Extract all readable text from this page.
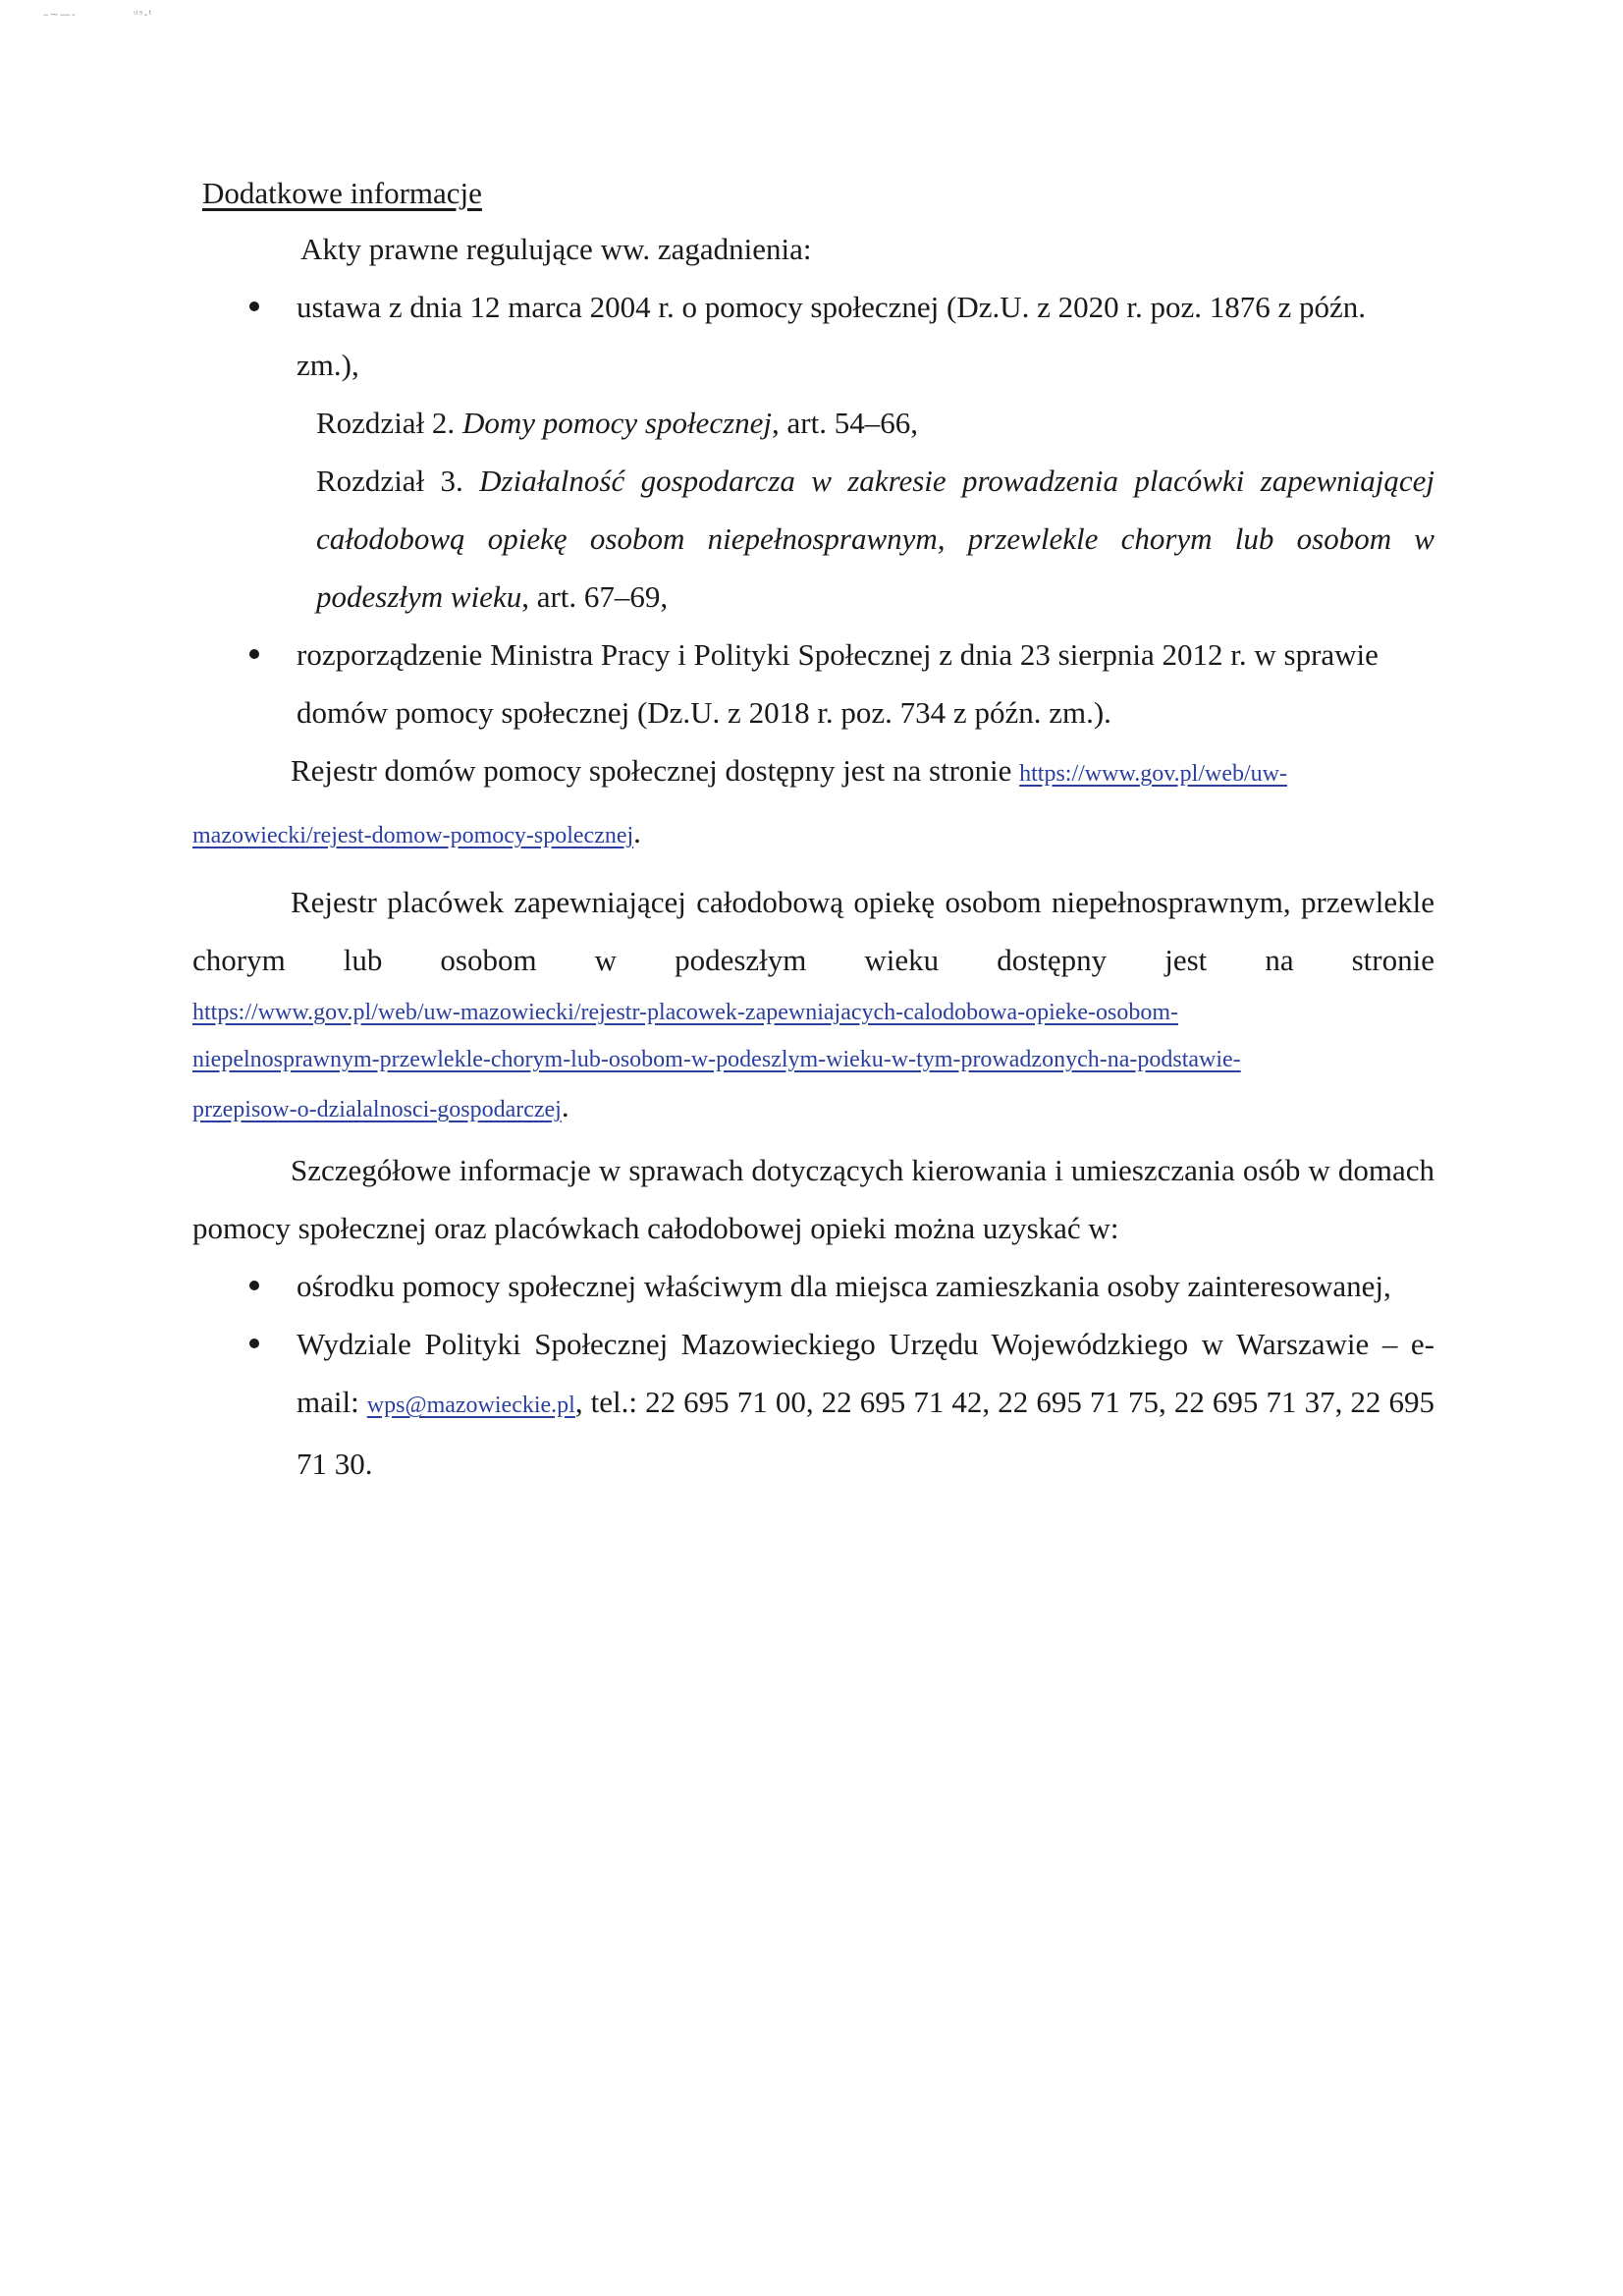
–~—‐ 	ᵘˢ‐ᵗ
Dodatkowe informacje

Akty prawne regulujące ww. zagadnienia:

ustawa z dnia 12 marca 2004 r. o pomocy społecznej (Dz.U. z 2020 r. poz. 1876 z późn. zm.),

Rozdział 2. Domy pomocy społecznej, art. 54–66,

Rozdział 3. Działalność gospodarcza w zakresie prowadzenia placówki zapewniającej całodobową opiekę osobom niepełnosprawnym, przewlekle chorym lub osobom w podeszłym wieku, art. 67–69,

rozporządzenie Ministra Pracy i Polityki Społecznej z dnia 23 sierpnia 2012 r. w sprawie domów pomocy społecznej (Dz.U. z 2018 r. poz. 734 z późn. zm.).

Rejestr domów pomocy społecznej dostępny jest na stronie https://www.gov.pl/web/uw-
mazowiecki/rejest-domow-pomocy-spolecznej.

Rejestr placówek zapewniającej całodobową opiekę osobom niepełnosprawnym, przewlekle chorym lub osobom w podeszłym wieku dostępny jest na stronie

https://www.gov.pl/web/uw-mazowiecki/rejestr-placowek-zapewniajacych-calodobowa-opieke-osobom-
niepelnosprawnym-przewlekle-chorym-lub-osobom-w-podeszlym-wieku-w-tym-prowadzonych-na-podstawie-
przepisow-o-dzialalnosci-gospodarczej.

Szczegółowe informacje w sprawach dotyczących kierowania i umieszczania osób w domach pomocy społecznej oraz placówkach całodobowej opieki można uzyskać w:

ośrodku pomocy społecznej właściwym dla miejsca zamieszkania osoby zainteresowanej,
Wydziale Polityki Społecznej Mazowieckiego Urzędu Wojewódzkiego w Warszawie – e-mail: wps@mazowieckie.pl, tel.: 22 695 71 00, 22 695 71 42, 22 695 71 75, 22 695 71 37, 22 695 71 30.
